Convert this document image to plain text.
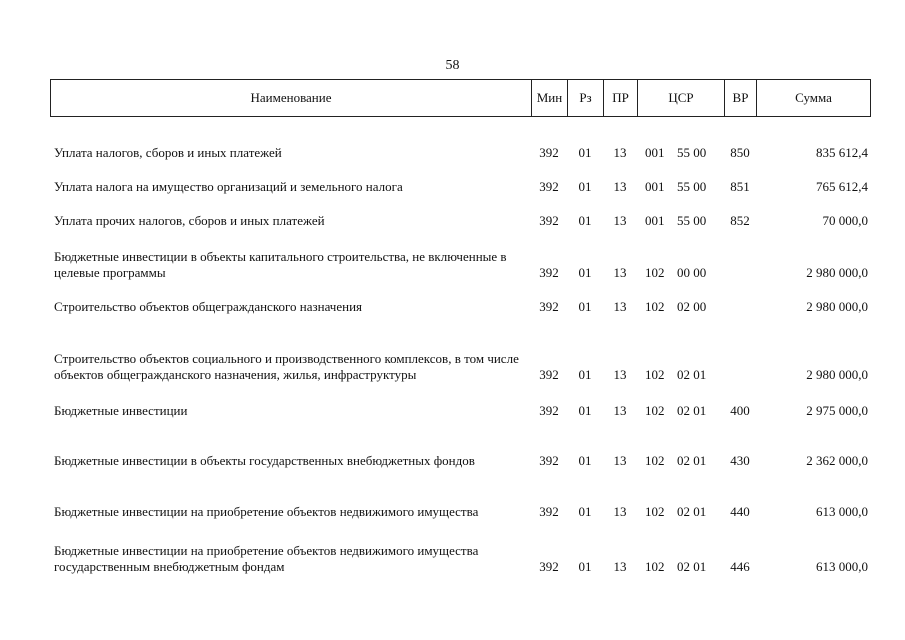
58
Наименование	Мин	Рз	ПР	ЦСР	ВР	Сумма
Уплата налогов, сборов и иных платежей	392	01	13	001 55 00	850	835 612,4
Уплата налога на имущество организаций и земельного налога	392	01	13	001 55 00	851	765 612,4
Уплата прочих налогов, сборов и иных платежей	392	01	13	001 55 00	852	70 000,0
Бюджетные инвестиции в объекты капитального строительства, не включенные в целевые программы	392	01	13	102 00 00		2 980 000,0
Строительство объектов общегражданского назначения	392	01	13	102 02 00		2 980 000,0
Строительство объектов социального и производственного комплексов, в том числе объектов общегражданского назначения, жилья, инфраструктуры	392	01	13	102 02 01		2 980 000,0
Бюджетные инвестиции	392	01	13	102 02 01	400	2 975 000,0
Бюджетные инвестиции в объекты государственных внебюджетных фондов	392	01	13	102 02 01	430	2 362 000,0
Бюджетные инвестиции на приобретение объектов недвижимого имущества	392	01	13	102 02 01	440	613 000,0
Бюджетные инвестиции на приобретение объектов недвижимого имущества государственным внебюджетным фондам	392	01	13	102 02 01	446	613 000,0
